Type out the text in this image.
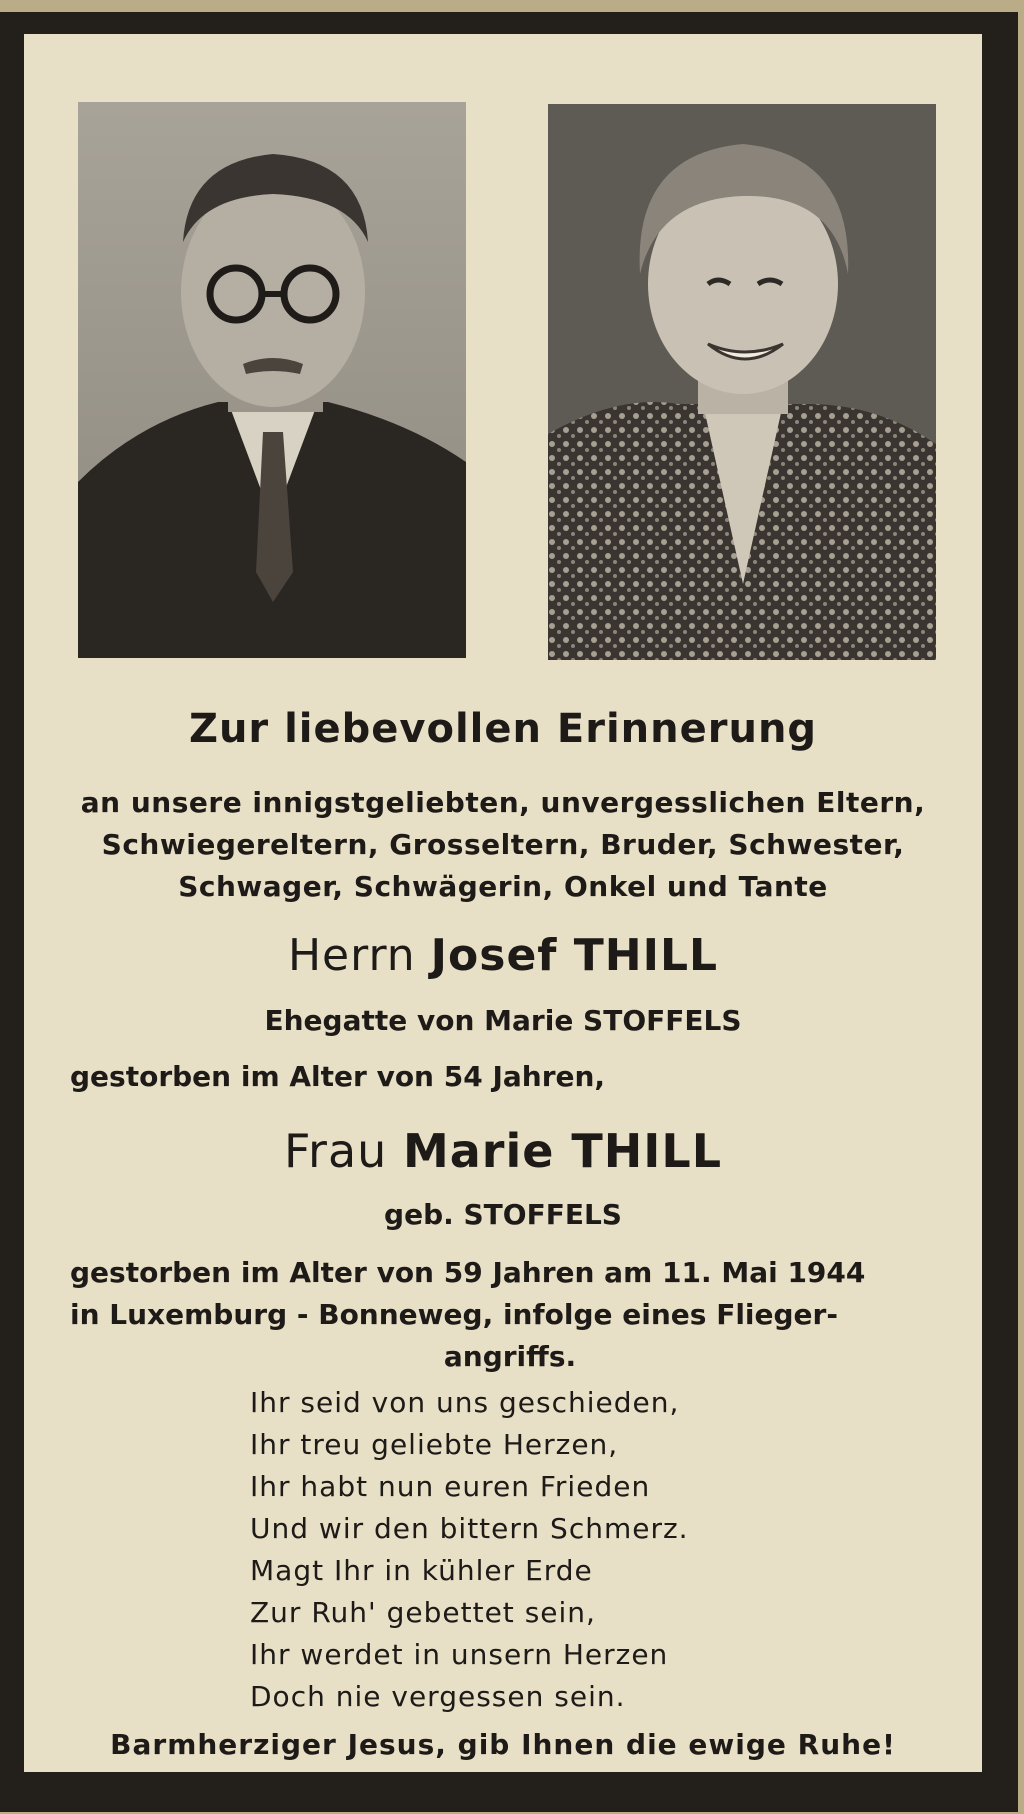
Zur liebevollen Erinnerung
an unsere innigstgeliebten, unvergesslichen Eltern,
Schwiegereltern, Grosseltern, Bruder, Schwester,
Schwager, Schwägerin, Onkel und Tante
Herrn Josef THILL
Ehegatte von Marie STOFFELS
gestorben im Alter von 54 Jahren,
Frau Marie THILL
geb. STOFFELS
gestorben im Alter von 59 Jahren am 11. Mai 1944
in Luxemburg - Bonneweg, infolge eines Flieger-
angriffs.
Ihr seid von uns geschieden,
Ihr treu geliebte Herzen,
Ihr habt nun euren Frieden
Und wir den bittern Schmerz.
Magt Ihr in kühler Erde
Zur Ruh' gebettet sein,
Ihr werdet in unsern Herzen
Doch nie vergessen sein.
Barmherziger Jesus, gib Ihnen die ewige Ruhe!
